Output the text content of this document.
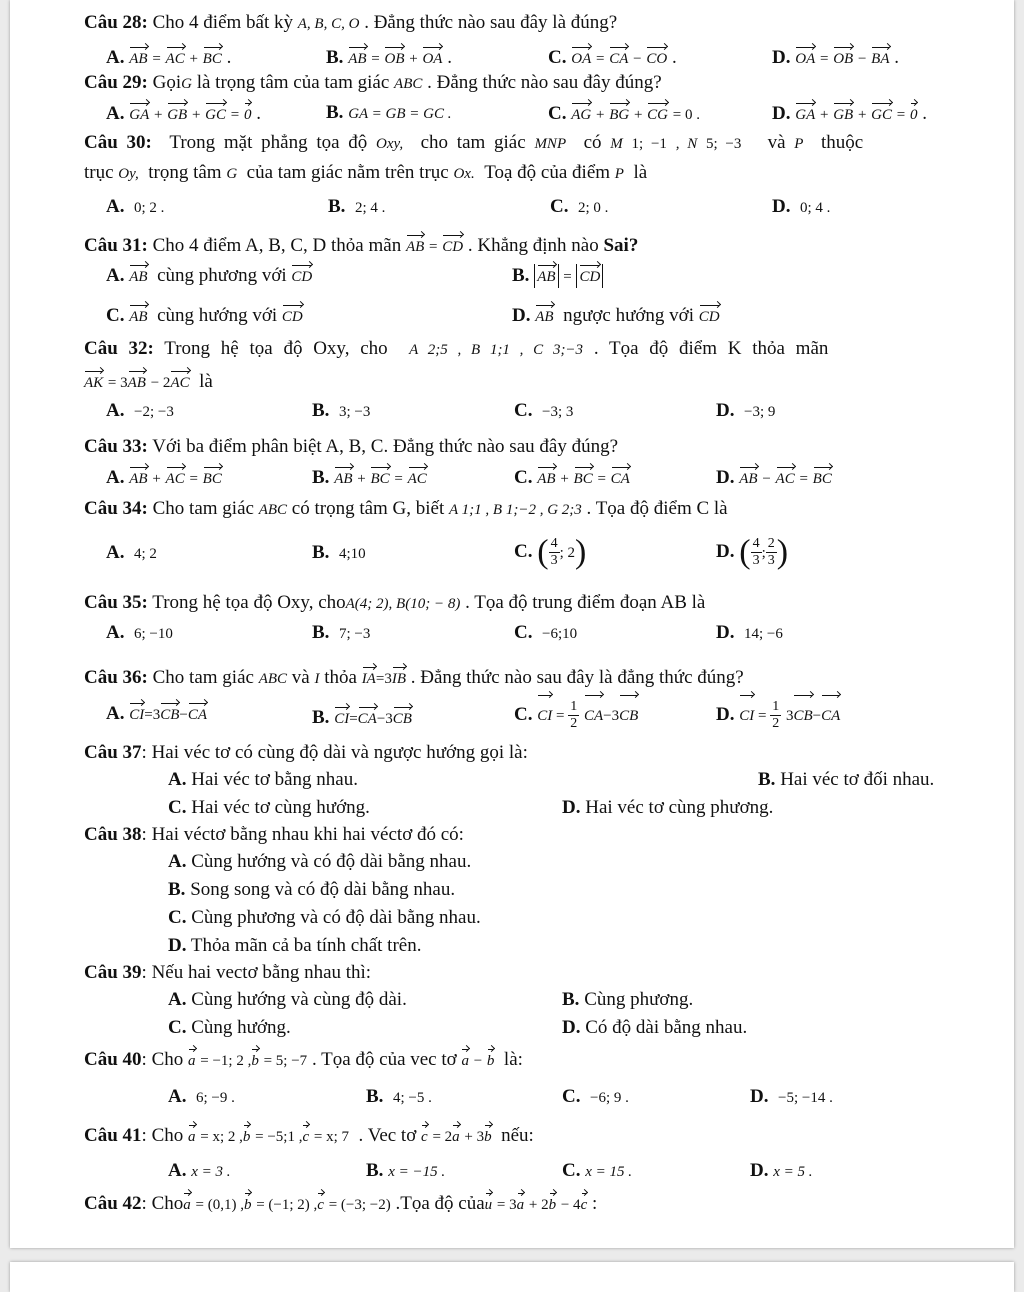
Câu 28: Cho 4 điểm bất kỳ A, B, C, O . Đẳng thức nào sau đây là đúng?
A. AB = AC + BC .	B. AB = OB + OA .	C. OA = CA − CO .	D. OA = OB − BA .
Câu 29: GọiG là trọng tâm của tam giác ABC . Đẳng thức nào sau đây đúng?
A. GA + GB + GC = 0 .	B. GA = GB = GC .	C. AG + BG + CG = 0 .	D. GA + GB + GC = 0 .
Câu 30: Trong mặt phẳng tọa độ Oxy, cho tam giác MNP có M 1; −1 , N 5; −3 và P thuộc
trục Oy, trọng tâm G của tam giác nằm trên trục Ox. Toạ độ của điểm P là
A. 0; 2 .	B. 2; 4 .	C. 2; 0 .	D. 0; 4 .
Câu 31: Cho 4 điểm A, B, C, D thỏa mãn AB = CD . Khẳng định nào Sai?
A. AB cùng phương với CD	B. AB = CD
C. AB cùng hướng với CD	D. AB ngược hướng với CD
Câu 32: Trong hệ tọa độ Oxy, cho A 2;5 , B 1;1 , C 3;−3 . Tọa độ điểm K thỏa mãn
AK = 3AB − 2AC là
A. −2; −3	B. 3; −3	C. −3; 3	D. −3; 9
Câu 33: Với ba điểm phân biệt A, B, C. Đẳng thức nào sau đây đúng?
A. AB + AC = BC	B. AB + BC = AC	C. AB + BC = CA	D. AB − AC = BC
Câu 34: Cho tam giác ABC có trọng tâm G, biết A 1;1 , B 1;−2 , G 2;3 . Tọa độ điểm C là
A. 4; 2	B. 4;10	C. ( $\frac{4}{3}$ ; 2)	D. ( $\frac{4}{3}$ ; $\frac{2}{3}$ )
Câu 35: Trong hệ tọa độ Oxy, choA(4; 2), B(10; − 8) . Tọa độ trung điểm đoạn AB là
A. 6; −10	B. 7; −3	C. −6;10	D. 14; −6
Câu 36: Cho tam giác ABC và I thỏa IA=3IB . Đẳng thức nào sau đây là đẳng thức đúng?
A. CI=3CB−CA	B. CI=CA−3CB	C. CI = $\frac{1}{2} CA-3CB$	D. CI = $\frac{1}{2} 3CB-CA$
Câu 37: Hai véc tơ có cùng độ dài và ngược hướng gọi là:
A. Hai véc tơ bằng nhau.	B. Hai véc tơ đối nhau.
C. Hai véc tơ cùng hướng.	D. Hai véc tơ cùng phương.
Câu 38: Hai véctơ bằng nhau khi hai véctơ đó có:
A. Cùng hướng và có độ dài bằng nhau.
B. Song song và có độ dài bằng nhau.
C. Cùng phương và có độ dài bằng nhau.
D. Thỏa mãn cả ba tính chất trên.
Câu 39: Nếu hai vectơ bằng nhau thì:
A. Cùng hướng và cùng độ dài.	B. Cùng phương.
C. Cùng hướng.	D. Có độ dài bằng nhau.
Câu 40: Cho a = −1; 2 ,b = 5; −7 . Tọa độ của vec tơ a − b là:
A. 6; −9 .	B. 4; −5 .	C. −6; 9 .	D. −5; −14 .
Câu 41: Cho a = x; 2 ,b = −5;1 ,c = x; 7 . Vec tơ c = 2a + 3b nếu:
A. x = 3 .	B. x = −15 .	C. x = 15 .	D. x = 5 .
Câu 42: Choa = (0,1) ,b = (−1; 2) ,c = (−3; −2) .Tọa độ củau = 3a + 2b − 4c :
